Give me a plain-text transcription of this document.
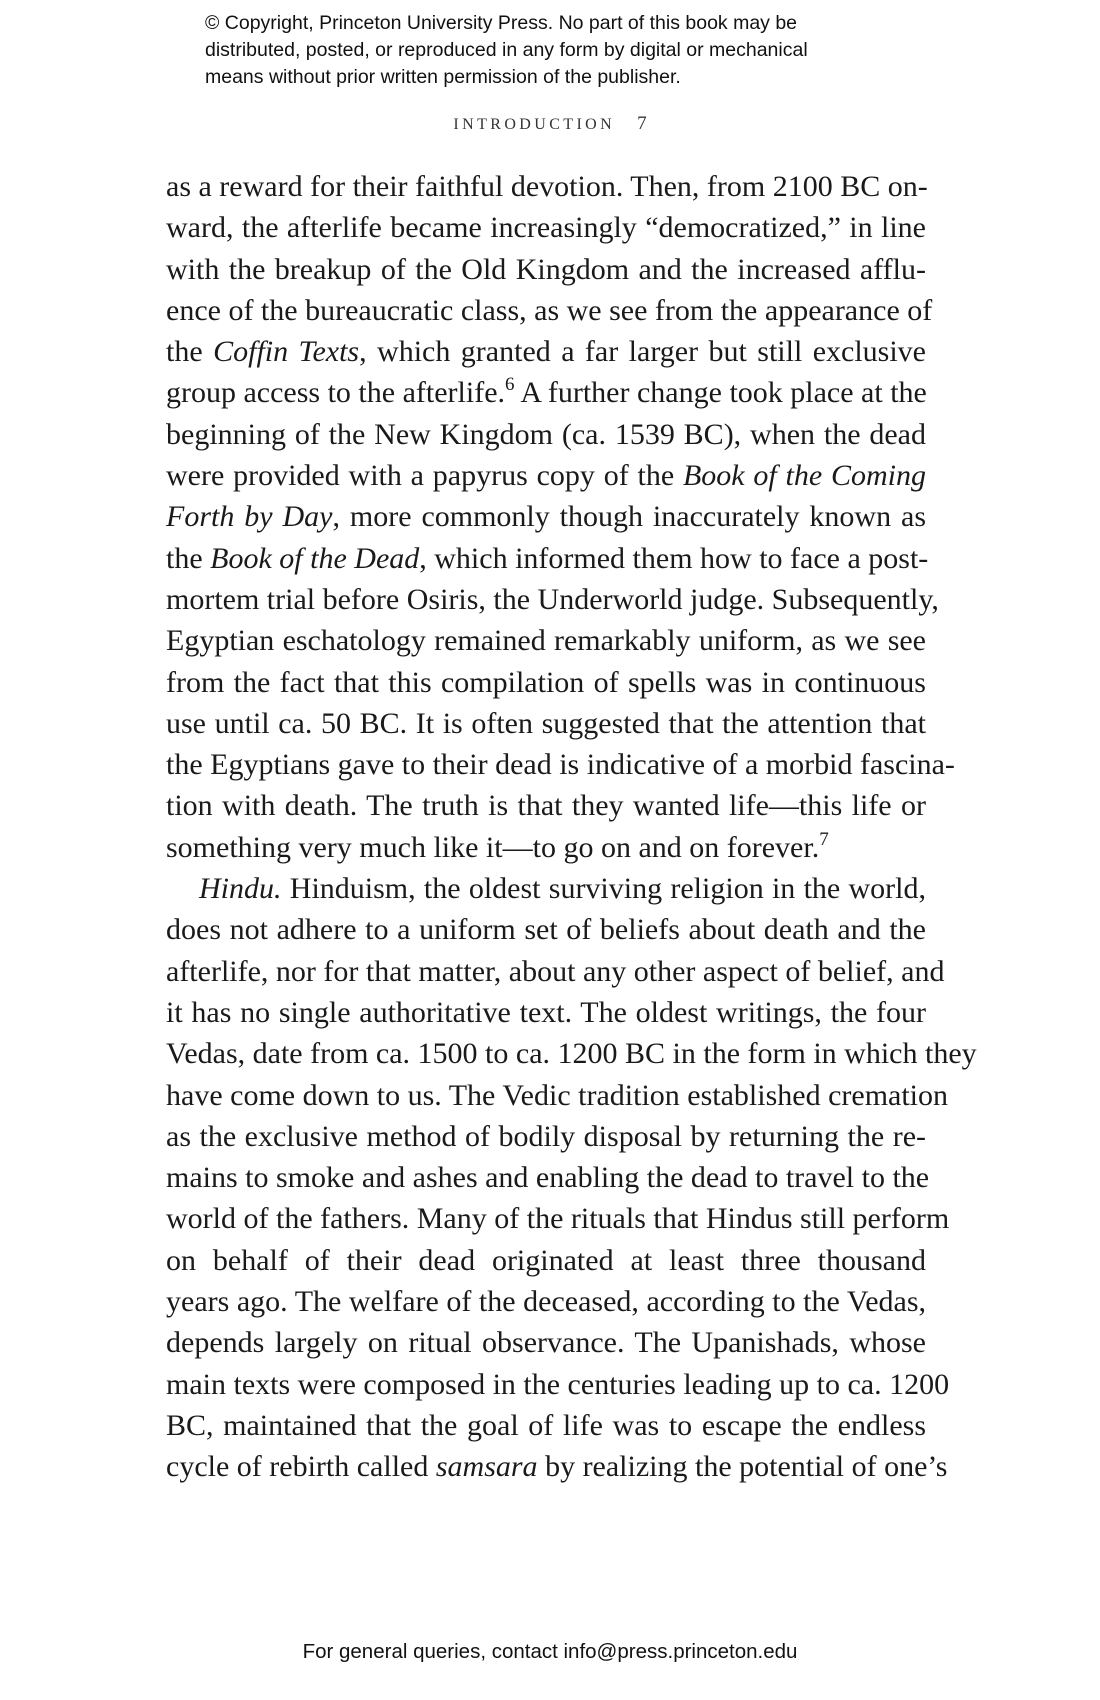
© Copyright, Princeton University Press. No part of this book may be
distributed, posted, or reproduced in any form by digital or mechanical
means without prior written permission of the publisher.
INTRODUCTION 7
as a reward for their faithful devotion. Then, from 2100 BC on-
ward, the afterlife became increasingly “democratized,” in line
with the breakup of the Old Kingdom and the increased afflu-
ence of the bureaucratic class, as we see from the appearance of
the Coffin Texts, which granted a far larger but still exclusive
group access to the afterlife.$^6$ A further change took place at the
beginning of the New Kingdom (ca. 1539 BC), when the dead
were provided with a papyrus copy of the Book of the Coming
Forth by Day, more commonly though inaccurately known as
the Book of the Dead, which informed them how to face a post-
mortem trial before Osiris, the Underworld judge. Subsequently,
Egyptian eschatology remained remarkably uniform, as we see
from the fact that this compilation of spells was in continuous
use until ca. 50 BC. It is often suggested that the attention that
the Egyptians gave to their dead is indicative of a morbid fascina-
tion with death. The truth is that they wanted life—this life or
something very much like it—to go on and on forever.$^7$
Hindu. Hinduism, the oldest surviving religion in the world,
does not adhere to a uniform set of beliefs about death and the
afterlife, nor for that matter, about any other aspect of belief, and
it has no single authoritative text. The oldest writings, the four
Vedas, date from ca. 1500 to ca. 1200 BC in the form in which they
have come down to us. The Vedic tradition established cremation
as the exclusive method of bodily disposal by returning the re-
mains to smoke and ashes and enabling the dead to travel to the
world of the fathers. Many of the rituals that Hindus still perform
on behalf of their dead originated at least three thousand
years ago. The welfare of the deceased, according to the Vedas,
depends largely on ritual observance. The Upanishads, whose
main texts were composed in the centuries leading up to ca. 1200
BC, maintained that the goal of life was to escape the endless
cycle of rebirth called samsara by realizing the potential of one’s
For general queries, contact info@press.princeton.edu
